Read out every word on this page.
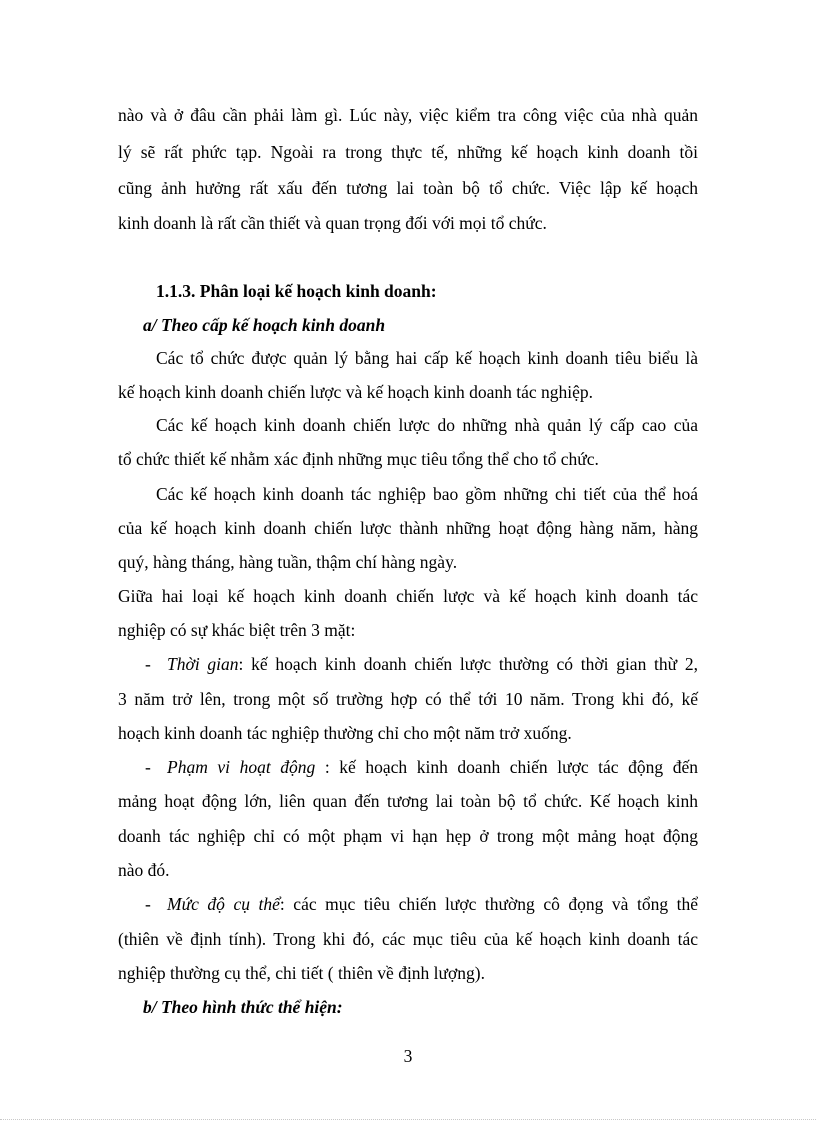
nào và ở đâu cần phải làm gì. Lúc này, việc kiểm tra công việc của nhà quản
lý sẽ rất phức tạp. Ngoài ra trong thực tế, những kế hoạch kinh doanh tồi
cũng ảnh hưởng rất xấu đến tương lai toàn bộ tổ chức. Việc lập kế hoạch
kinh doanh là rất cần thiết và quan trọng đối với mọi tổ chức.
1.1.3. Phân loại kế hoạch kinh doanh:
a/ Theo cấp kế hoạch kinh doanh
Các tổ chức được quản lý bằng hai cấp kế hoạch kinh doanh tiêu biểu là
kế hoạch kinh doanh chiến lược và kế hoạch kinh doanh tác nghiệp.
Các kế hoạch kinh doanh chiến lược do những nhà quản lý cấp cao của
tổ chức thiết kế nhằm xác định những mục tiêu tổng thể cho tổ chức.
Các kế hoạch kinh doanh tác nghiệp bao gồm những chi tiết của thể hoá
của kế hoạch kinh doanh chiến lược thành những hoạt động hàng năm, hàng
quý, hàng tháng, hàng tuần, thậm chí hàng ngày.
Giữa hai loại kế hoạch kinh doanh chiến lược và kế hoạch kinh doanh tác
nghiệp có sự khác biệt trên 3 mặt:
- Thời gian: kế hoạch kinh doanh chiến lược thường có thời gian thừ 2,
3 năm trở lên, trong một số trường hợp có thể tới 10 năm. Trong khi đó, kế
hoạch kinh doanh tác nghiệp thường chỉ cho một năm trở xuống.
- Phạm vi hoạt động : kế hoạch kinh doanh chiến lược tác động đến
mảng hoạt động lớn, liên quan đến tương lai toàn bộ tổ chức. Kế hoạch kinh
doanh tác nghiệp chỉ có một phạm vi hạn hẹp ở trong một mảng hoạt động
nào đó.
- Mức độ cụ thể: các mục tiêu chiến lược thường cô đọng và tổng thể
(thiên về định tính). Trong khi đó, các mục tiêu của kế hoạch kinh doanh tác
nghiệp thường cụ thể, chi tiết ( thiên về định lượng).
b/ Theo hình thức thể hiện:
3
